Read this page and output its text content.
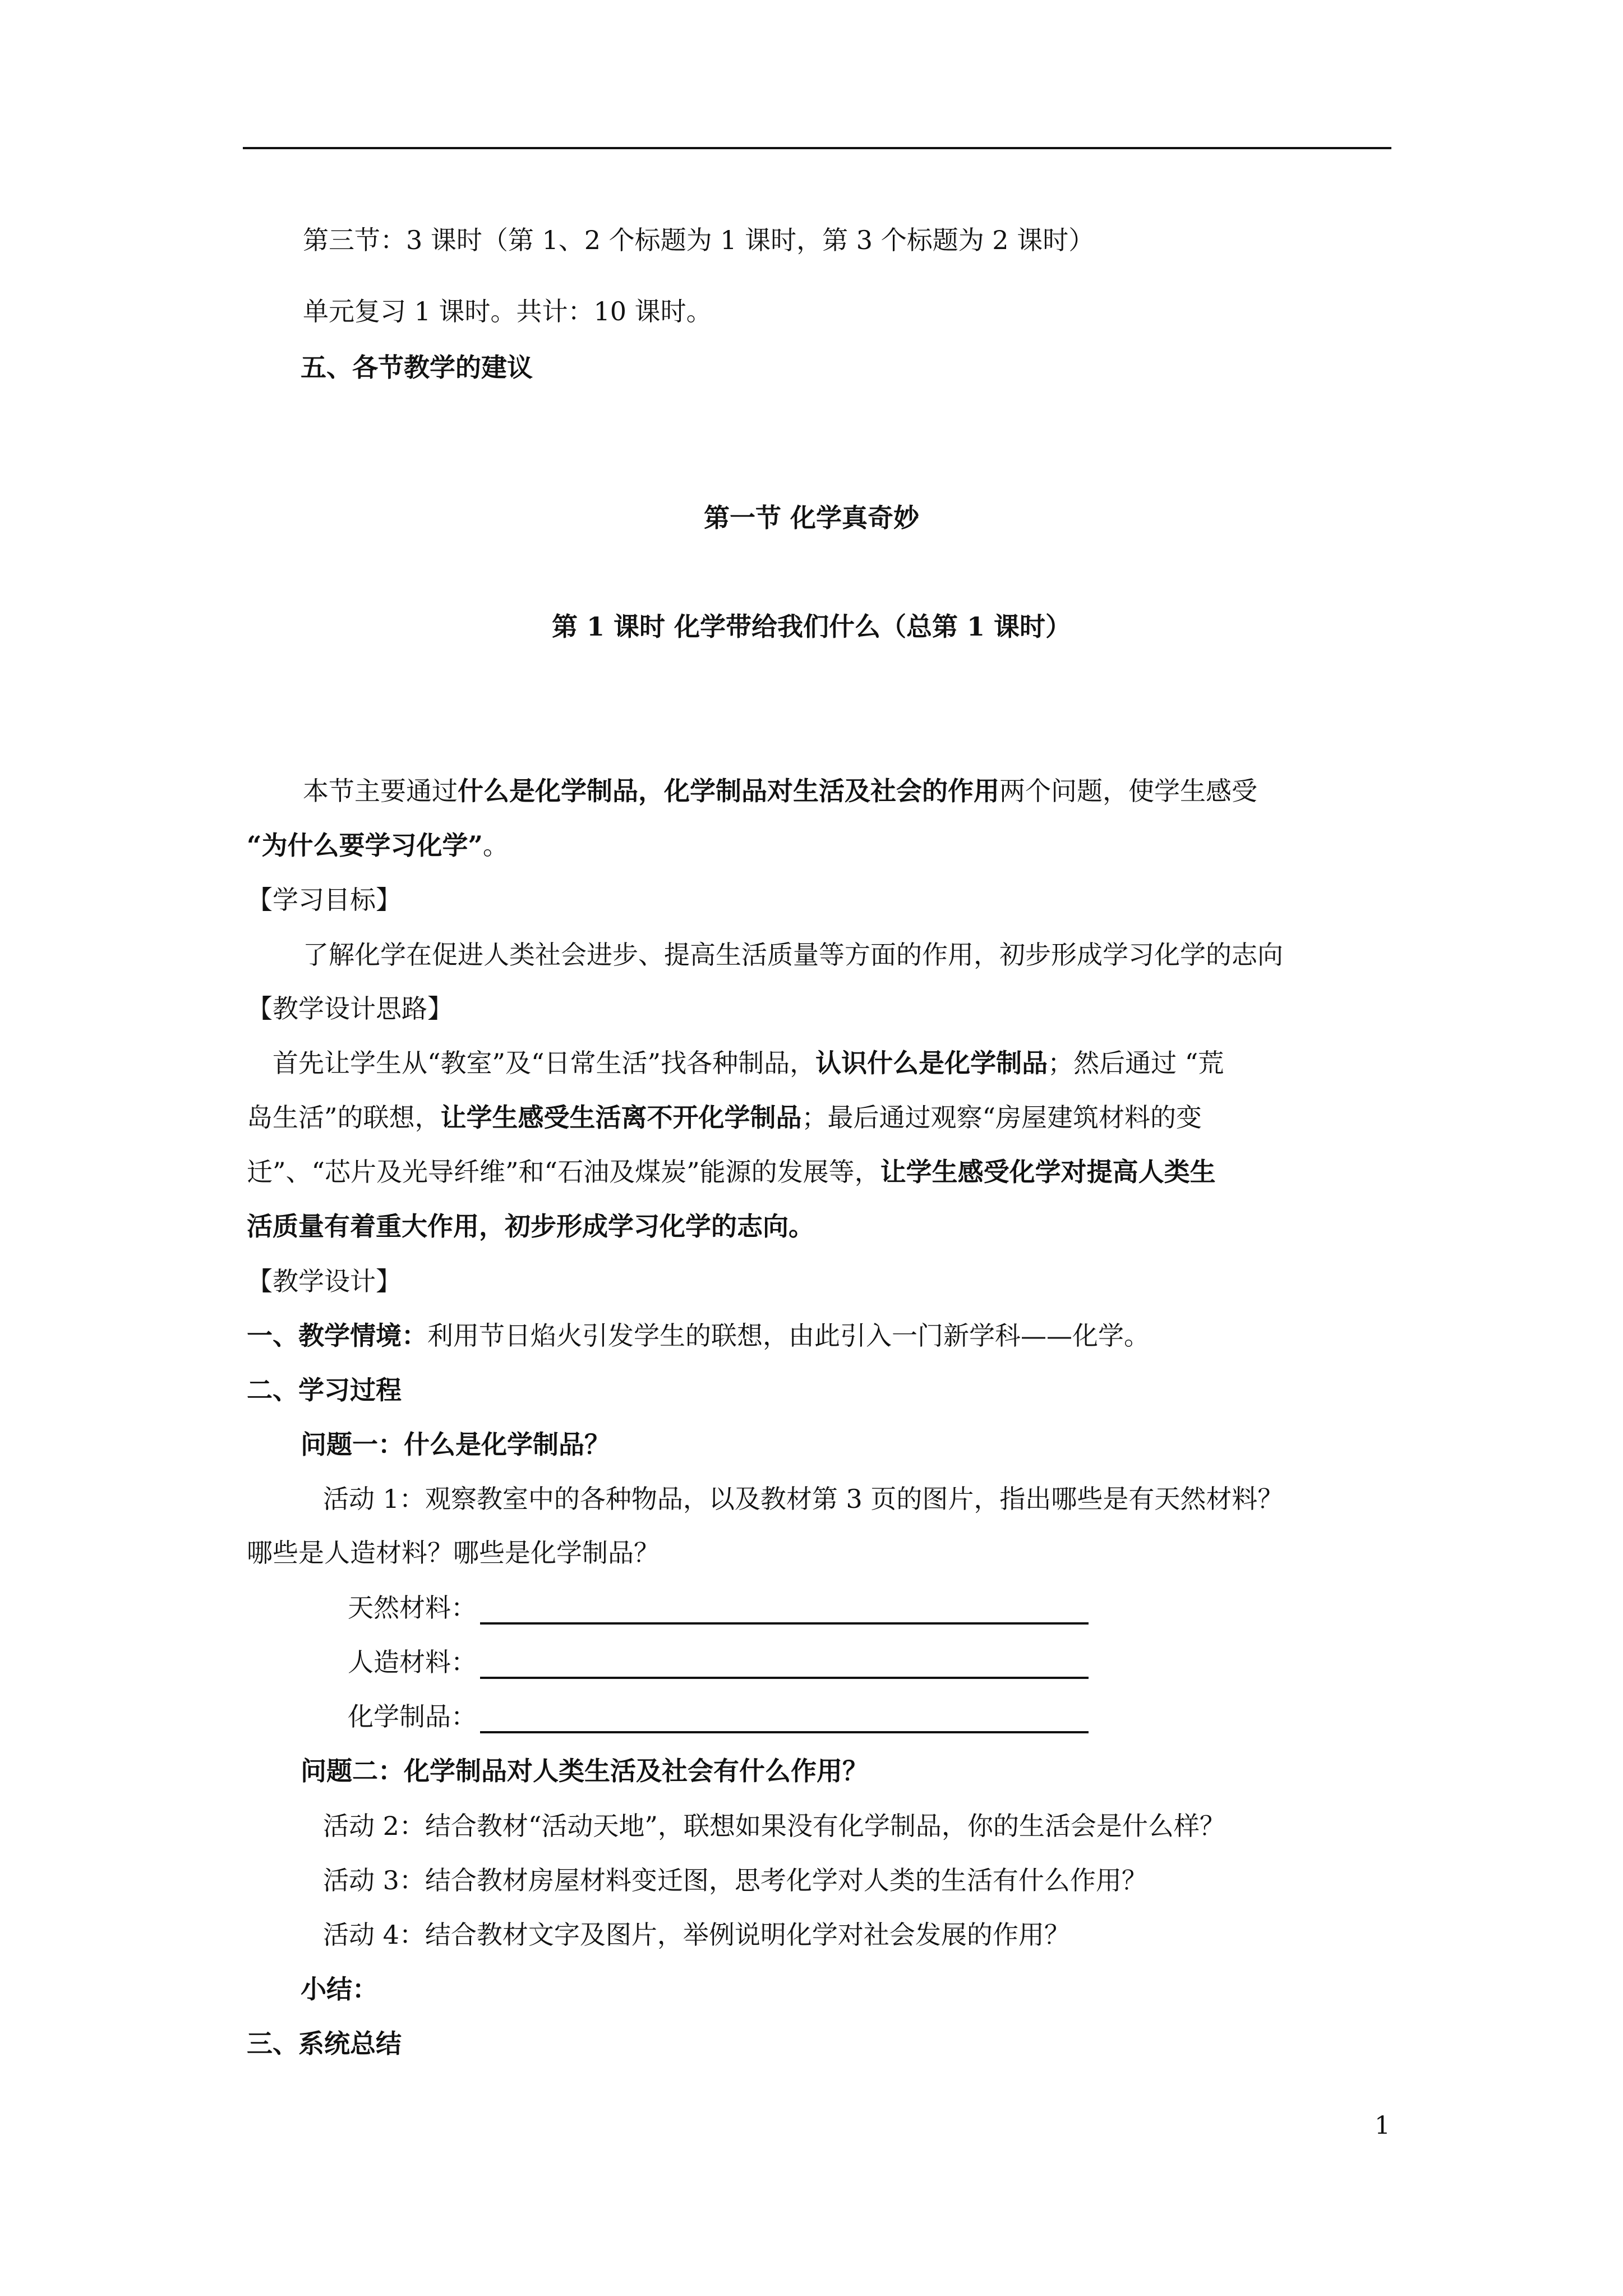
第三节：3 课时（第 1、2 个标题为 1 课时，第 3 个标题为 2 课时）
单元复习 1 课时。共计：10 课时。
五、各节教学的建议
第一节 化学真奇妙
第 1 课时 化学带给我们什么（总第 1 课时）
本节主要通过什么是化学制品，化学制品对生活及社会的作用两个问题，使学生感受
“为什么要学习化学”。
【学习目标】
了解化学在促进人类社会进步、提高生活质量等方面的作用，初步形成学习化学的志向
【教学设计思路】
首先让学生从“教室”及“日常生活”找各种制品，认识什么是化学制品；然后通过 “荒
岛生活”的联想，让学生感受生活离不开化学制品；最后通过观察“房屋建筑材料的变
迁”、“芯片及光导纤维”和“石油及煤炭”能源的发展等，让学生感受化学对提高人类生
活质量有着重大作用，初步形成学习化学的志向。
【教学设计】
一、教学情境：利用节日焰火引发学生的联想，由此引入一门新学科——化学。
二、学习过程
问题一：什么是化学制品？
活动 1：观察教室中的各种物品，以及教材第 3 页的图片，指出哪些是有天然材料？
哪些是人造材料？哪些是化学制品？
天然材料：
人造材料：
化学制品：
问题二：化学制品对人类生活及社会有什么作用？
活动 2：结合教材“活动天地”，联想如果没有化学制品，你的生活会是什么样？
活动 3：结合教材房屋材料变迁图，思考化学对人类的生活有什么作用？
活动 4：结合教材文字及图片，举例说明化学对社会发展的作用？
小结：
三、系统总结
1
